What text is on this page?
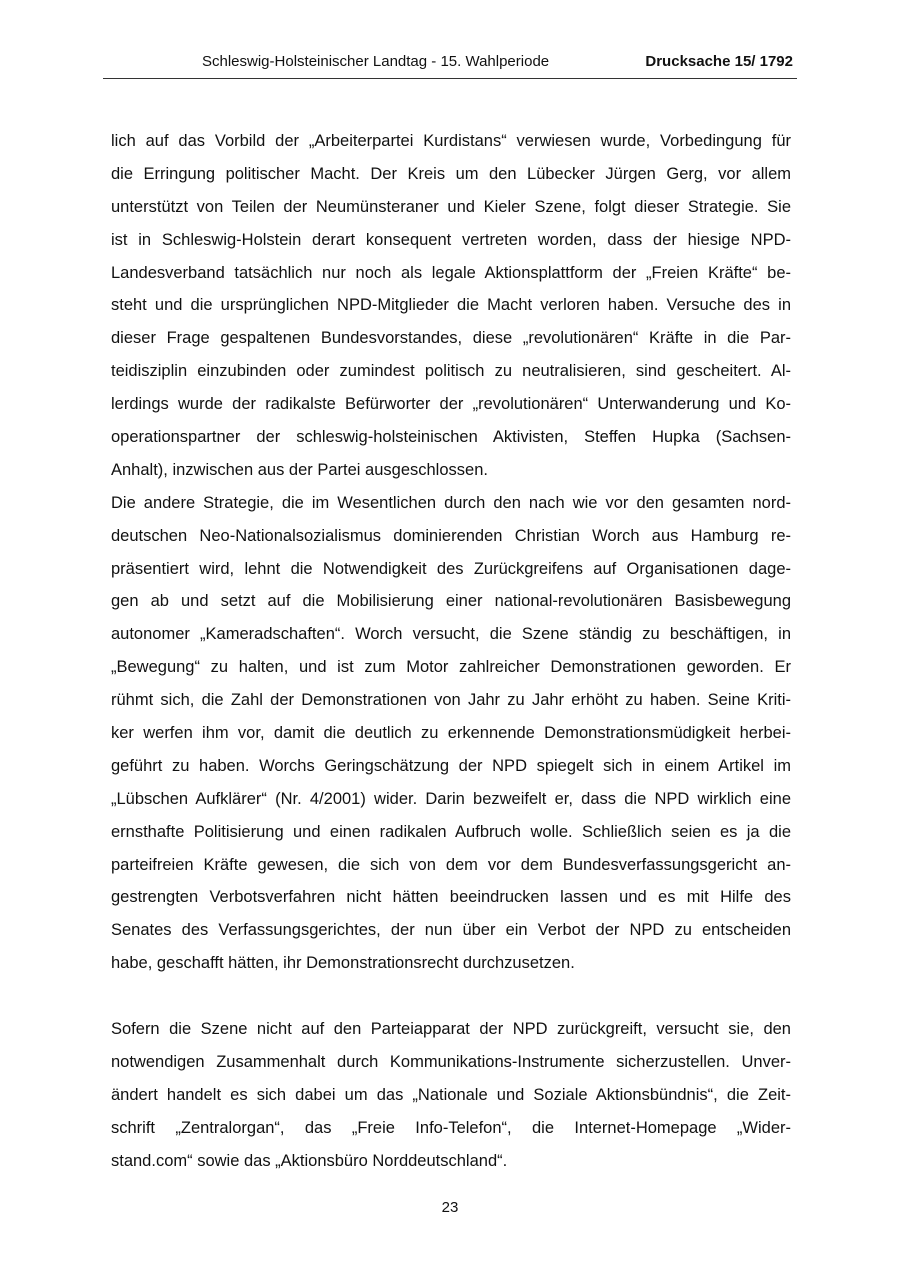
Schleswig-Holsteinischer Landtag - 15. Wahlperiode	Drucksache 15/ 1792
lich auf das Vorbild der „Arbeiterpartei Kurdistans“ verwiesen wurde, Vorbedingung für
die Erringung politischer Macht. Der Kreis um den Lübecker Jürgen Gerg, vor allem
unterstützt von Teilen der Neumünsteraner und Kieler Szene, folgt dieser Strategie. Sie
ist in Schleswig-Holstein derart konsequent vertreten worden, dass der hiesige NPD-
Landesverband tatsächlich nur noch als legale Aktionsplattform der „Freien Kräfte“ be-
steht und die ursprünglichen NPD-Mitglieder die Macht verloren haben. Versuche des in
dieser Frage gespaltenen Bundesvorstandes, diese „revolutionären“ Kräfte in die Par-
teidisziplin einzubinden oder zumindest politisch zu neutralisieren, sind gescheitert. Al-
lerdings wurde der radikalste Befürworter der „revolutionären“ Unterwanderung und Ko-
operationspartner der schleswig-holsteinischen Aktivisten, Steffen Hupka (Sachsen-
Anhalt), inzwischen aus der Partei ausgeschlossen.
Die andere Strategie, die im Wesentlichen durch den nach wie vor den gesamten nord-
deutschen Neo-Nationalsozialismus dominierenden Christian Worch aus Hamburg re-
präsentiert wird, lehnt die Notwendigkeit des Zurückgreifens auf Organisationen dage-
gen ab und setzt auf die Mobilisierung einer national-revolutionären Basisbewegung
autonomer „Kameradschaften“. Worch versucht, die Szene ständig zu beschäftigen, in
„Bewegung“ zu halten, und ist zum Motor zahlreicher Demonstrationen geworden. Er
rühmt sich, die Zahl der Demonstrationen von Jahr zu Jahr erhöht zu haben. Seine Kriti-
ker werfen ihm vor, damit die deutlich zu erkennende Demonstrationsmüdigkeit herbei-
geführt zu haben. Worchs Geringschätzung der NPD spiegelt sich in einem Artikel im
„Lübschen Aufklärer“ (Nr. 4/2001) wider. Darin bezweifelt er, dass die NPD wirklich eine
ernsthafte Politisierung und einen radikalen Aufbruch wolle. Schließlich seien es ja die
parteifreien Kräfte gewesen, die sich von dem vor dem Bundesverfassungsgericht an-
gestrengten Verbotsverfahren nicht hätten beeindrucken lassen und es mit Hilfe des
Senates des Verfassungsgerichtes, der nun über ein Verbot der NPD zu entscheiden
habe, geschafft hätten, ihr Demonstrationsrecht durchzusetzen.
Sofern die Szene nicht auf den Parteiapparat der NPD zurückgreift, versucht sie, den
notwendigen Zusammenhalt durch Kommunikations-Instrumente sicherzustellen. Unver-
ändert handelt es sich dabei um das „Nationale und Soziale Aktionsbündnis“, die Zeit-
schrift „Zentralorgan“, das „Freie Info-Telefon“, die Internet-Homepage „Wider-
stand.com“ sowie das „Aktionsbüro Norddeutschland“.
23
